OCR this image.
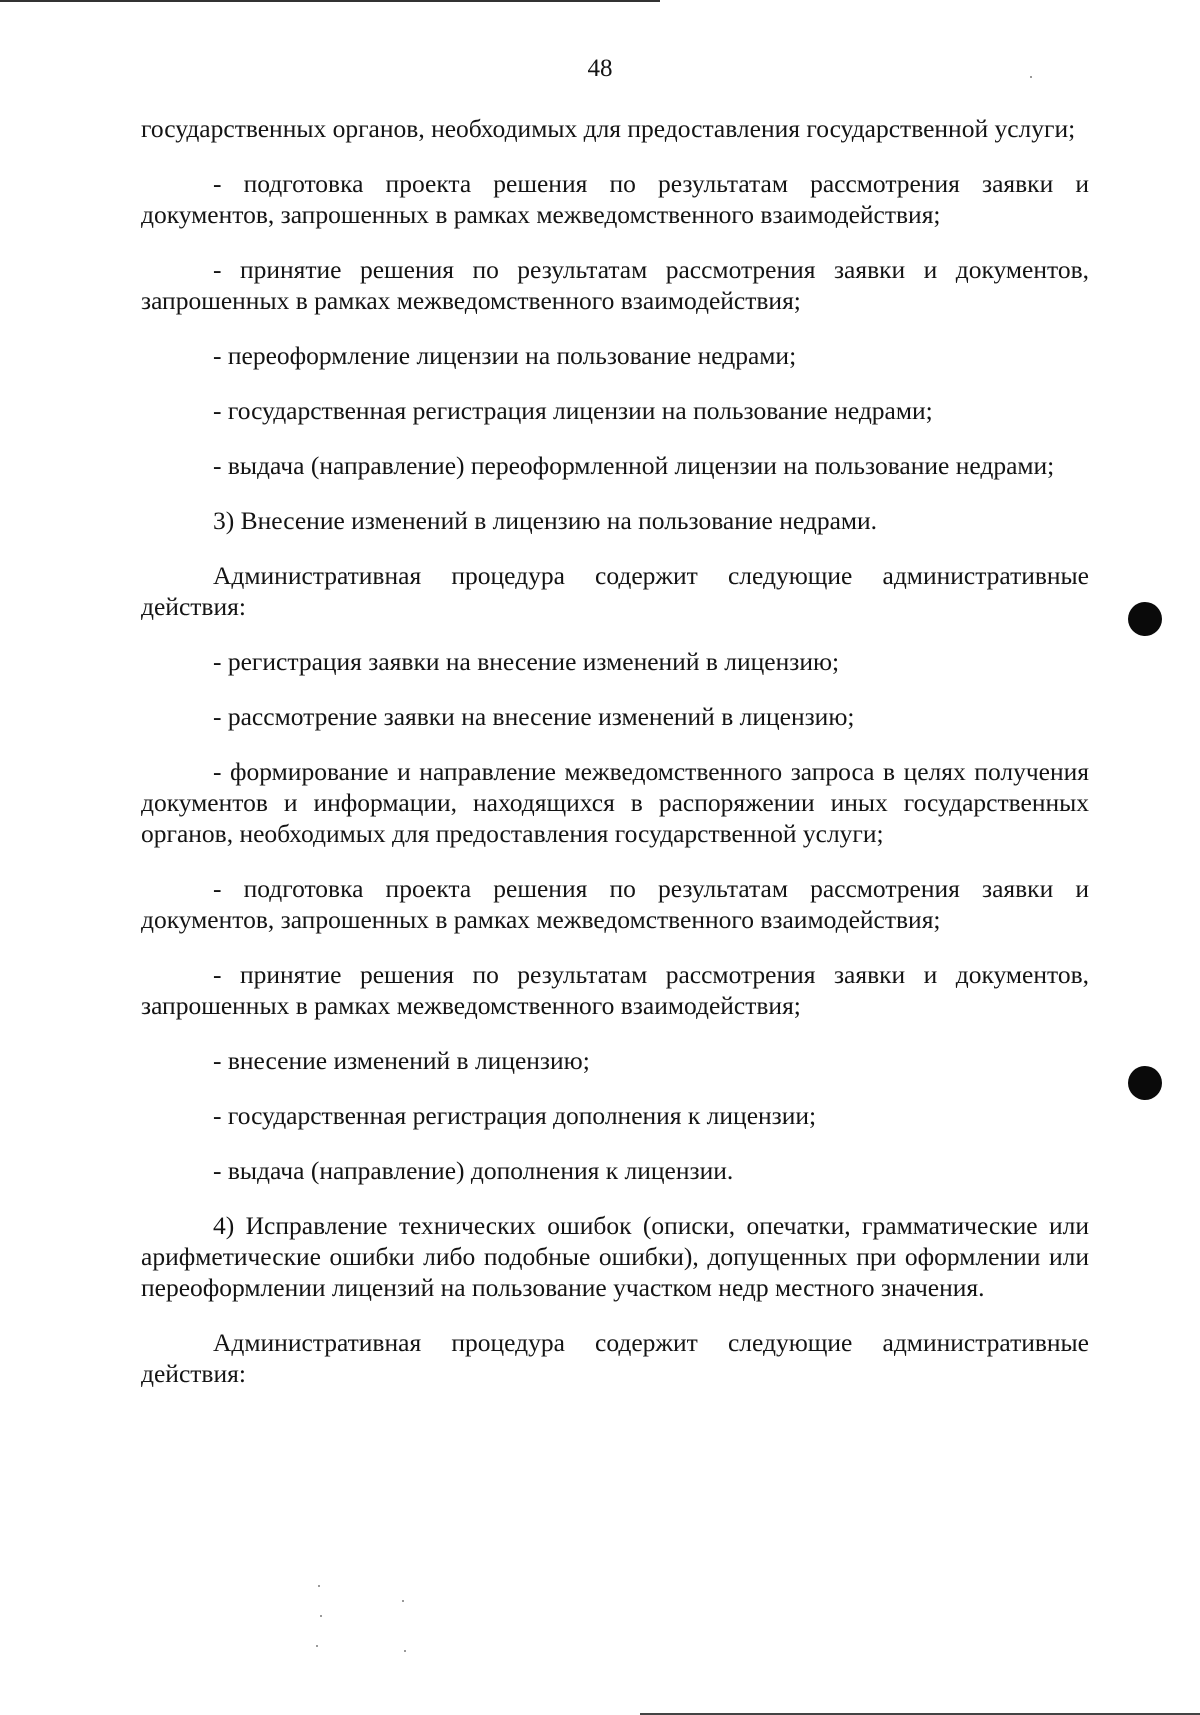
48

государственных органов, необходимых для предоставления государственной услуги;

- подготовка проекта решения по результатам рассмотрения заявки и документов, запрошенных в рамках межведомственного взаимодействия;

- принятие решения по результатам рассмотрения заявки и документов, запрошенных в рамках межведомственного взаимодействия;

- переоформление лицензии на пользование недрами;

- государственная регистрация лицензии на пользование недрами;

- выдача (направление) переоформленной лицензии на пользование недрами;

3) Внесение изменений в лицензию на пользование недрами.

Административная процедура содержит следующие административные действия:

- регистрация заявки на внесение изменений в лицензию;

- рассмотрение заявки на внесение изменений в лицензию;

- формирование и направление межведомственного запроса в целях получения документов и информации, находящихся в распоряжении иных государственных органов, необходимых для предоставления государственной услуги;

- подготовка проекта решения по результатам рассмотрения заявки и документов, запрошенных в рамках межведомственного взаимодействия;

- принятие решения по результатам рассмотрения заявки и документов, запрошенных в рамках межведомственного взаимодействия;

- внесение изменений в лицензию;

- государственная регистрация дополнения к лицензии;

- выдача (направление) дополнения к лицензии.

4) Исправление технических ошибок (описки, опечатки, грамматические или арифметические ошибки либо подобные ошибки), допущенных при оформлении или переоформлении лицензий на пользование участком недр местного значения.

Административная процедура содержит следующие административные действия:
